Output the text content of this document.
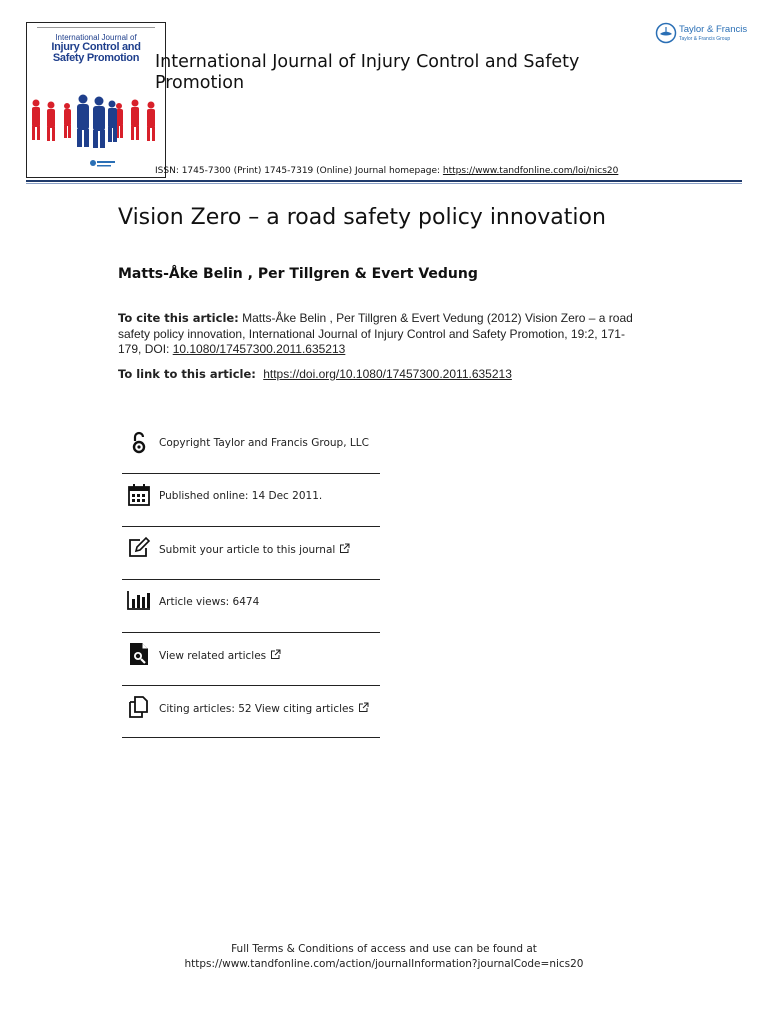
International Journal of
Injury Control and
Safety Promotion International Journal of Injury Control and Safety Promotion
ISSN: 1745-7300 (Print) 1745-7319 (Online) Journal homepage: https://www.tandfonline.com/loi/nics20
Taylor & Francis
Taylor & Francis Group
Vision Zero – a road safety policy innovation
Matts-Åke Belin , Per Tillgren & Evert Vedung
To cite this article: Matts-Åke Belin , Per Tillgren & Evert Vedung (2012) Vision Zero – a road safety policy innovation, International Journal of Injury Control and Safety Promotion, 19:2, 171-179, DOI: 10.1080/17457300.2011.635213
To link to this article: https://doi.org/10.1080/17457300.2011.635213
Copyright Taylor and Francis Group, LLC
Published online: 14 Dec 2011.
Submit your article to this journal
Article views: 6474
View related articles
Citing articles: 52 View citing articles
Full Terms & Conditions of access and use can be found at
https://www.tandfonline.com/action/journalInformation?journalCode=nics20
